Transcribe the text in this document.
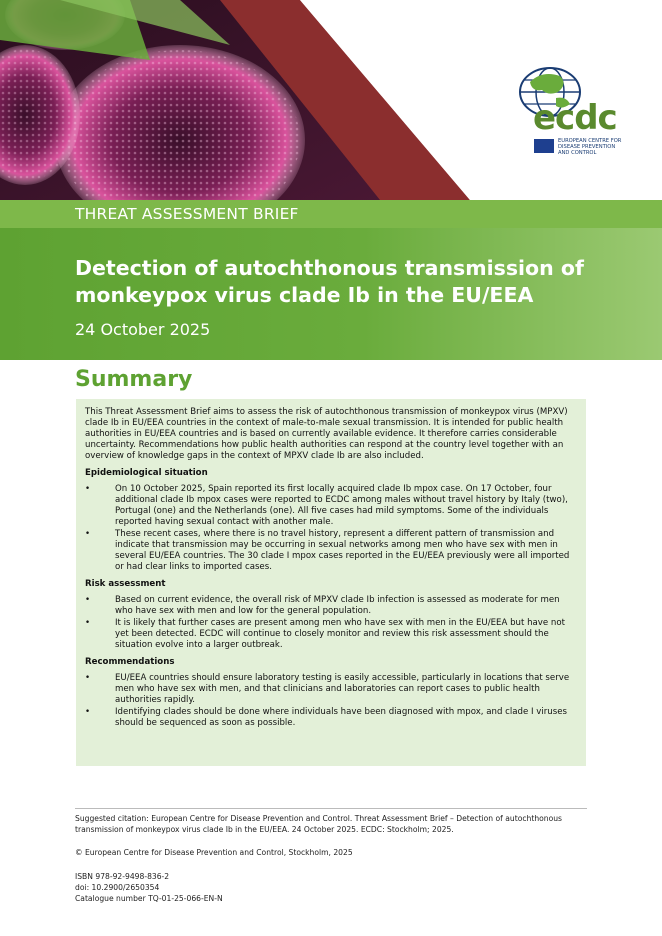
ecdc
EUROPEAN CENTRE FOR DISEASE PREVENTION AND CONTROL
THREAT ASSESSMENT BRIEF
Detection of autochthonous transmission of monkeypox virus clade Ib in the EU/EEA
24 October 2025
Summary

This Threat Assessment Brief aims to assess the risk of autochthonous transmission of monkeypox virus (MPXV) clade Ib in EU/EEA countries in the context of male-to-male sexual transmission. It is intended for public health authorities in EU/EEA countries and is based on currently available evidence. It therefore carries considerable uncertainty. Recommendations how public health authorities can respond at the country level together with an overview of knowledge gaps in the context of MPXV clade Ib are also included.

Epidemiological situation
•	On 10 October 2025, Spain reported its first locally acquired clade Ib mpox case. On 17 October, four additional clade Ib mpox cases were reported to ECDC among males without travel history by Italy (two), Portugal (one) and the Netherlands (one). All five cases had mild symptoms. Some of the individuals reported having sexual contact with another male.
•	These recent cases, where there is no travel history, represent a different pattern of transmission and indicate that transmission may be occurring in sexual networks among men who have sex with men in several EU/EEA countries. The 30 clade I mpox cases reported in the EU/EEA previously were all imported or had clear links to imported cases.
Risk assessment
•	Based on current evidence, the overall risk of MPXV clade Ib infection is assessed as moderate for men who have sex with men and low for the general population.
•	It is likely that further cases are present among men who have sex with men in the EU/EEA but have not yet been detected. ECDC will continue to closely monitor and review this risk assessment should the situation evolve into a larger outbreak.
Recommendations
•	EU/EEA countries should ensure laboratory testing is easily accessible, particularly in locations that serve men who have sex with men, and that clinicians and laboratories can report cases to public health authorities rapidly.
•	Identifying clades should be done where individuals have been diagnosed with mpox, and clade I viruses should be sequenced as soon as possible.
Suggested citation: European Centre for Disease Prevention and Control. Threat Assessment Brief – Detection of autochthonous transmission of monkeypox virus clade Ib in the EU/EEA. 24 October 2025. ECDC: Stockholm; 2025.
© European Centre for Disease Prevention and Control, Stockholm, 2025
ISBN 978-92-9498-836-2
doi: 10.2900/2650354
Catalogue number TQ-01-25-066-EN-N
